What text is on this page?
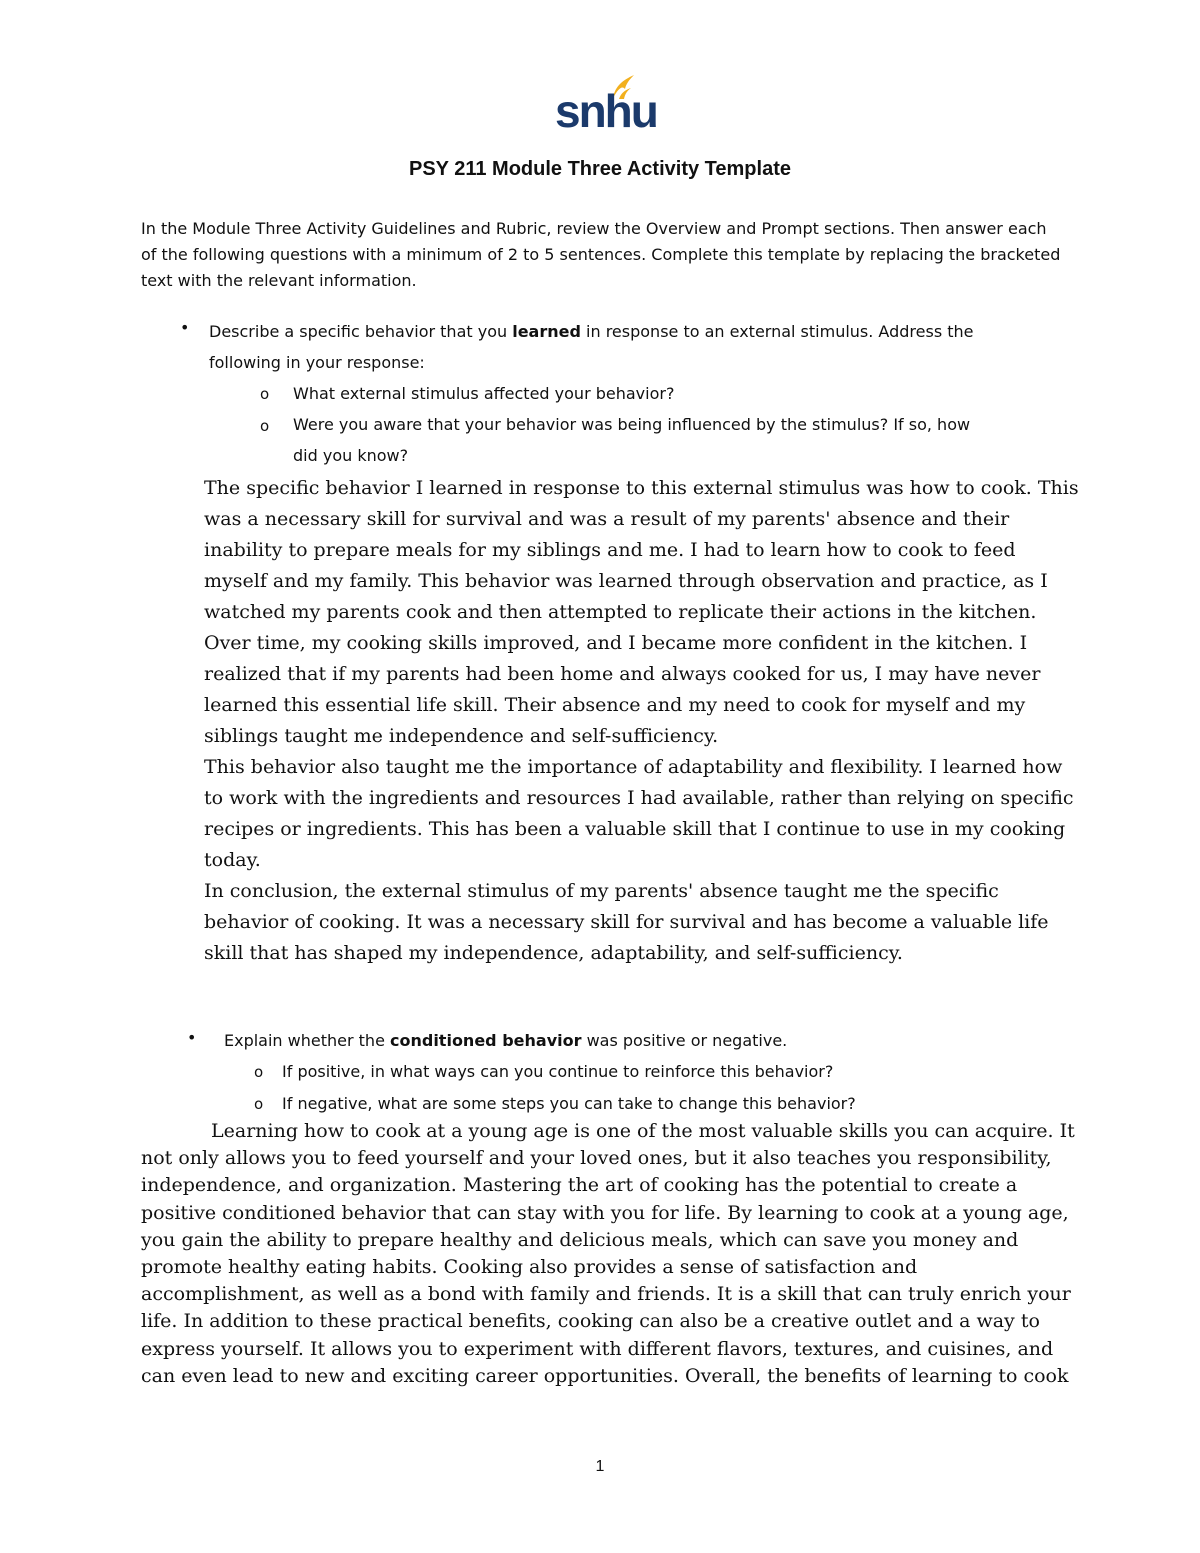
snhu
PSY 211 Module Three Activity Template
In the Module Three Activity Guidelines and Rubric, review the Overview and Prompt sections. Then answer each of the following questions with a minimum of 2 to 5 sentences. Complete this template by replacing the bracketed text with the relevant information.
• Describe a specific behavior that you learned in response to an external stimulus. Address the
following in your response:
o What external stimulus affected your behavior?
o Were you aware that your behavior was being influenced by the stimulus? If so, how
did you know?

The specific behavior I learned in response to this external stimulus was how to cook. This was a necessary skill for survival and was a result of my parents' absence and their inability to prepare meals for my siblings and me. I had to learn how to cook to feed myself and my family. This behavior was learned through observation and practice, as I watched my parents cook and then attempted to replicate their actions in the kitchen. Over time, my cooking skills improved, and I became more confident in the kitchen. I realized that if my parents had been home and always cooked for us, I may have never learned this essential life skill. Their absence and my need to cook for myself and my siblings taught me independence and self-sufficiency.

This behavior also taught me the importance of adaptability and flexibility. I learned how to work with the ingredients and resources I had available, rather than relying on specific recipes or ingredients. This has been a valuable skill that I continue to use in my cooking today.

In conclusion, the external stimulus of my parents' absence taught me the specific behavior of cooking. It was a necessary skill for survival and has become a valuable life skill that has shaped my independence, adaptability, and self-sufficiency.

• Explain whether the conditioned behavior was positive or negative.
o If positive, in what ways can you continue to reinforce this behavior?
o If negative, what are some steps you can take to change this behavior?

Learning how to cook at a young age is one of the most valuable skills you can acquire. It not only allows you to feed yourself and your loved ones, but it also teaches you responsibility, independence, and organization. Mastering the art of cooking has the potential to create a positive conditioned behavior that can stay with you for life. By learning to cook at a young age, you gain the ability to prepare healthy and delicious meals, which can save you money and promote healthy eating habits. Cooking also provides a sense of satisfaction and accomplishment, as well as a bond with family and friends. It is a skill that can truly enrich your life. In addition to these practical benefits, cooking can also be a creative outlet and a way to express yourself. It allows you to experiment with different flavors, textures, and cuisines, and can even lead to new and exciting career opportunities. Overall, the benefits of learning to cook

1
